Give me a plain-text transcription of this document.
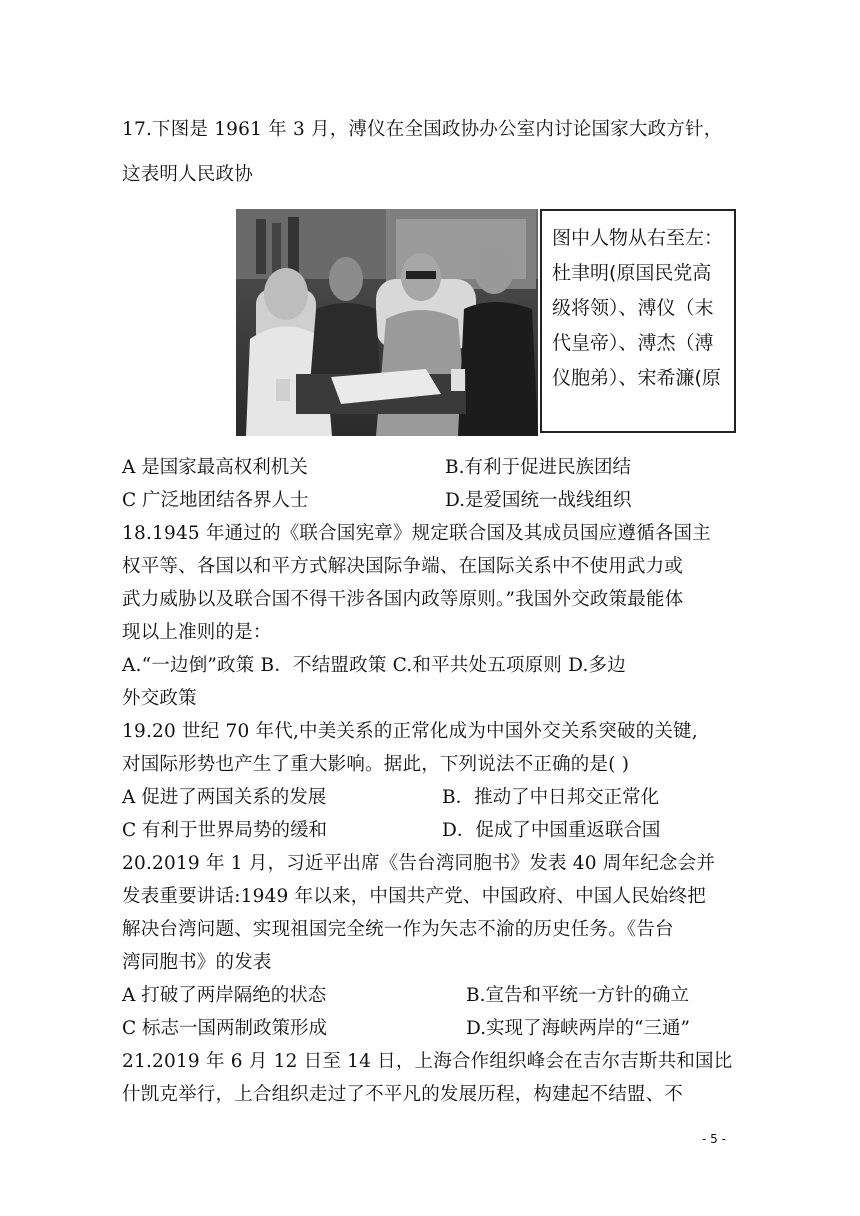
17.下图是 1961 年 3 月，溥仪在全国政协办公室内讨论国家大政方针，
这表明人民政协
图中人物从右至左：
杜聿明(原国民党高
级将领）、溥仪（末
代皇帝）、溥杰（溥
仪胞弟）、宋希濂(原
A 是国家最高权利机关	B.有利于促进民族团结
C 广泛地团结各界人士	D.是爱国统一战线组织
18.1945 年通过的《联合国宪章》规定联合国及其成员国应遵循各国主
权平等、各国以和平方式解决国际争端、在国际关系中不使用武力或
武力威胁以及联合国不得干涉各国内政等原则。”我国外交政策最能体
现以上准则的是：
A.“一边倒”政策 B．不结盟政策 C.和平共处五项原则 D.多边
外交政策
19.20 世纪 70 年代,中美关系的正常化成为中国外交关系突破的关键,
对国际形势也产生了重大影响。据此，下列说法不正确的是( )
A 促进了两国关系的发展	B．推动了中日邦交正常化
C 有利于世界局势的缓和	D．促成了中国重返联合国
20.2019 年 1 月，习近平出席《告台湾同胞书》发表 40 周年纪念会并
发表重要讲话:1949 年以来，中国共产党、中国政府、中国人民始终把
解决台湾问题、实现祖国完全统一作为矢志不渝的历史任务。《告台
湾同胞书》的发表
A 打破了两岸隔绝的状态	B.宣告和平统一方针的确立
C 标志一国两制政策形成	D.实现了海峡两岸的“三通”
21.2019 年 6 月 12 日至 14 日，上海合作组织峰会在吉尔吉斯共和国比
什凯克举行，上合组织走过了不平凡的发展历程，构建起不结盟、不
- 5 -
